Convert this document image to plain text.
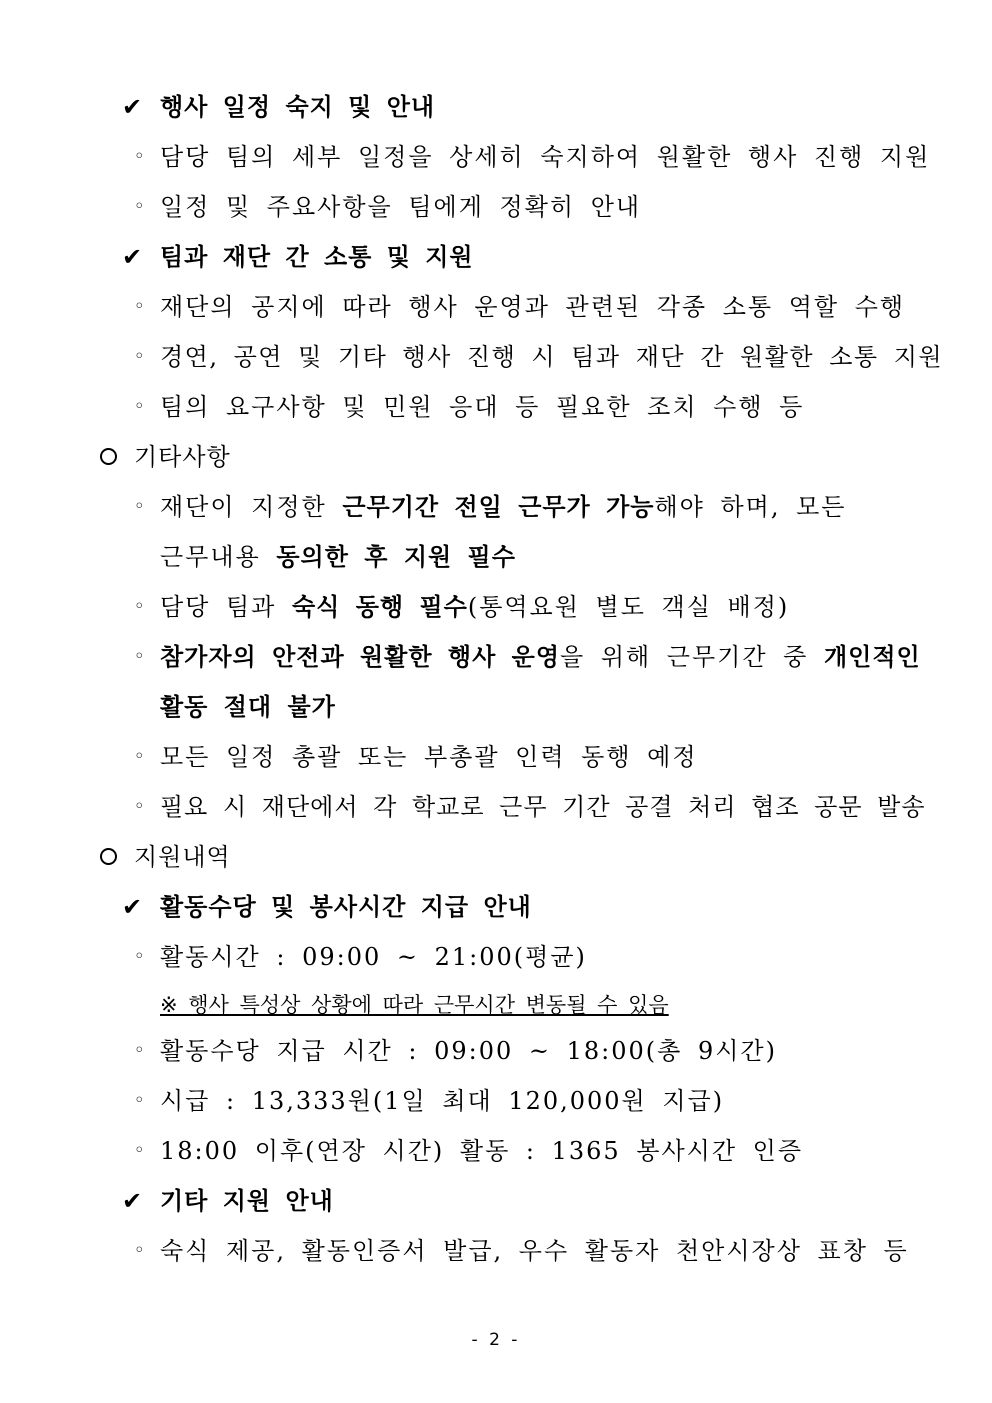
✔ 행사 일정 숙지 및 안내
◦ 담당 팀의 세부 일정을 상세히 숙지하여 원활한 행사 진행 지원
◦ 일정 및 주요사항을 팀에게 정확히 안내
✔ 팀과 재단 간 소통 및 지원
◦ 재단의 공지에 따라 행사 운영과 관련된 각종 소통 역할 수행
◦ 경연, 공연 및 기타 행사 진행 시 팀과 재단 간 원활한 소통 지원
◦ 팀의 요구사항 및 민원 응대 등 필요한 조치 수행 등
기타사항
◦ 재단이 지정한 근무기간 전일 근무가 가능해야 하며, 모든
근무내용 동의한 후 지원 필수
◦ 담당 팀과 숙식 동행 필수(통역요원 별도 객실 배정)
◦ 참가자의 안전과 원활한 행사 운영을 위해 근무기간 중 개인적인
활동 절대 불가
◦ 모든 일정 총괄 또는 부총괄 인력 동행 예정
◦ 필요 시 재단에서 각 학교로 근무 기간 공결 처리 협조 공문 발송
지원내역
✔ 활동수당 및 봉사시간 지급 안내
◦ 활동시간 : 09:00 ~ 21:00(평균)
※ 행사 특성상 상황에 따라 근무시간 변동될 수 있음
◦ 활동수당 지급 시간 : 09:00 ~ 18:00(총 9시간)
◦ 시급 : 13,333원(1일 최대 120,000원 지급)
◦ 18:00 이후(연장 시간) 활동 : 1365 봉사시간 인증
✔ 기타 지원 안내
◦ 숙식 제공, 활동인증서 발급, 우수 활동자 천안시장상 표창 등
- 2 -
